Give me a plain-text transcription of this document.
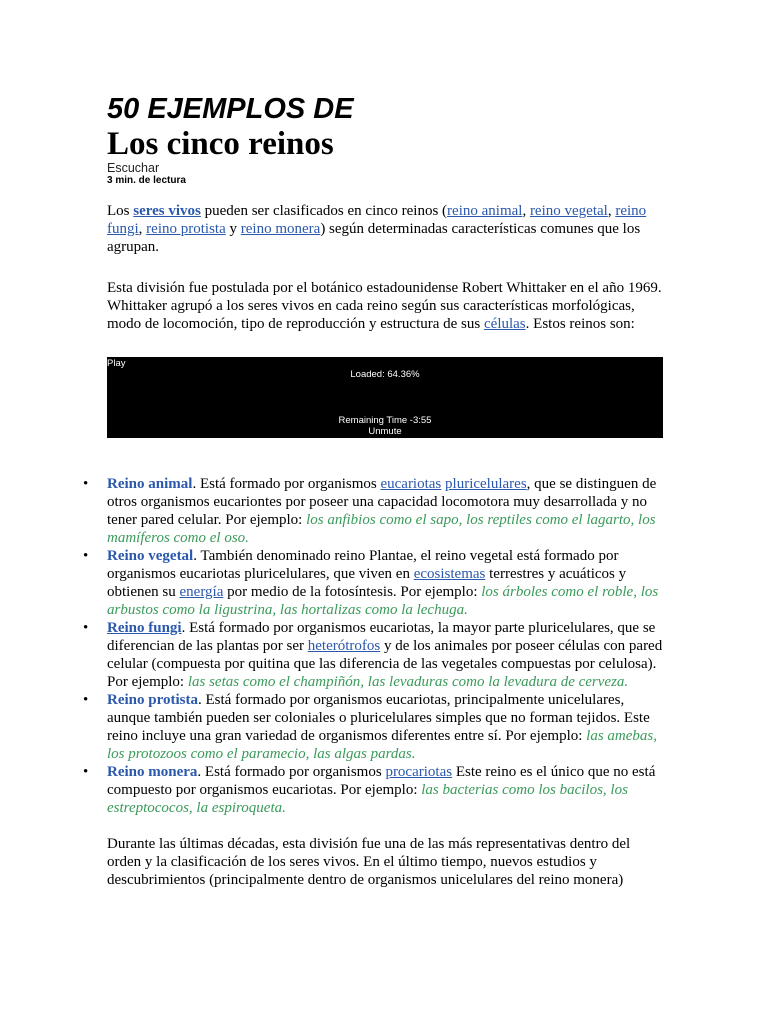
50 EJEMPLOS DE
Los cinco reinos
Escuchar
3 min. de lectura

Los seres vivos pueden ser clasificados en cinco reinos (reino animal, reino vegetal, reino fungi, reino protista y reino monera) según determinadas características comunes que los agrupan.

Esta división fue postulada por el botánico estadounidense Robert Whittaker en el año 1969. Whittaker agrupó a los seres vivos en cada reino según sus características morfológicas, modo de locomoción, tipo de reproducción y estructura de sus células. Estos reinos son:

Play
Loaded: 64.36%
Remaining Time -3:55
Unmute
• Reino animal. Está formado por organismos eucariotas pluricelulares, que se distinguen de otros organismos eucariontes por poseer una capacidad locomotora muy desarrollada y no tener pared celular. Por ejemplo: los anfibios como el sapo, los reptiles como el lagarto, los mamíferos como el oso.
• Reino vegetal. También denominado reino Plantae, el reino vegetal está formado por organismos eucariotas pluricelulares, que viven en ecosistemas terrestres y acuáticos y obtienen su energía por medio de la fotosíntesis. Por ejemplo: los árboles como el roble, los arbustos como la ligustrina, las hortalizas como la lechuga.
• Reino fungi. Está formado por organismos eucariotas, la mayor parte pluricelulares, que se diferencian de las plantas por ser heterótrofos y de los animales por poseer células con pared celular (compuesta por quitina que las diferencia de las vegetales compuestas por celulosa). Por ejemplo: las setas como el champiñón, las levaduras como la levadura de cerveza.
• Reino protista. Está formado por organismos eucariotas, principalmente unicelulares, aunque también pueden ser coloniales o pluricelulares simples que no forman tejidos. Este reino incluye una gran variedad de organismos diferentes entre sí. Por ejemplo: las amebas, los protozoos como el paramecio, las algas pardas.
• Reino monera. Está formado por organismos procariotas Este reino es el único que no está compuesto por organismos eucariotas. Por ejemplo: las bacterias como los bacilos, los estreptococos, la espiroqueta.

Durante las últimas décadas, esta división fue una de las más representativas dentro del orden y la clasificación de los seres vivos. En el último tiempo, nuevos estudios y descubrimientos (principalmente dentro de organismos unicelulares del reino monera)
